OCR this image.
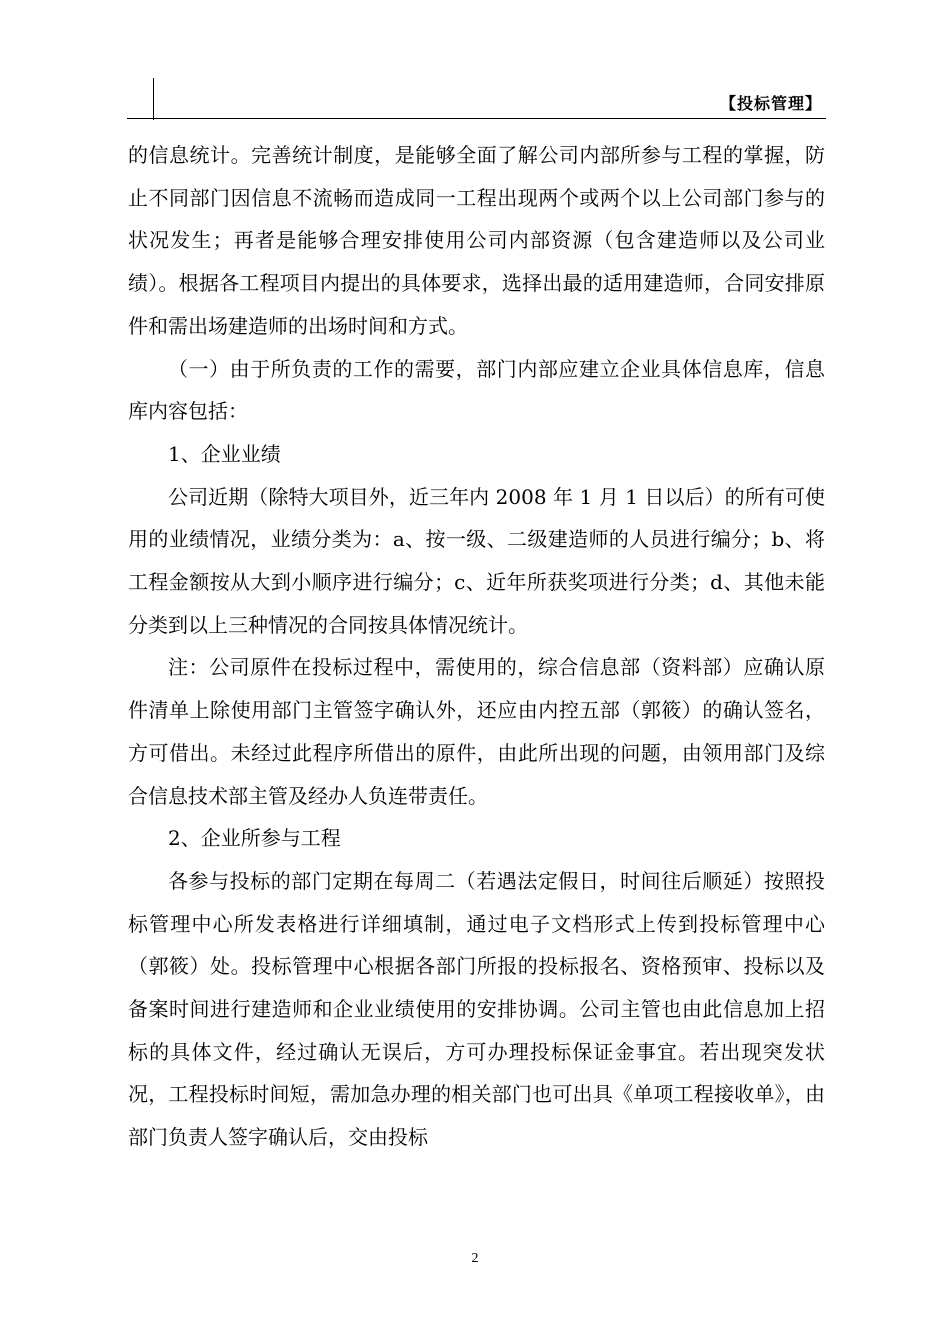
【投标管理】

的信息统计。完善统计制度，是能够全面了解公司内部所参与工程的掌握，防止不同部门因信息不流畅而造成同一工程出现两个或两个以上公司部门参与的状况发生；再者是能够合理安排使用公司内部资源（包含建造师以及公司业绩）。根据各工程项目内提出的具体要求，选择出最的适用建造师，合同安排原件和需出场建造师的出场时间和方式。

（一）由于所负责的工作的需要，部门内部应建立企业具体信息库，信息库内容包括：

1、企业业绩

公司近期（除特大项目外，近三年内 2008 年 1 月 1 日以后）的所有可使用的业绩情况，业绩分类为：a、按一级、二级建造师的人员进行编分；b、将工程金额按从大到小顺序进行编分；c、近年所获奖项进行分类；d、其他未能分类到以上三种情况的合同按具体情况统计。

注：公司原件在投标过程中，需使用的，综合信息部（资料部）应确认原件清单上除使用部门主管签字确认外，还应由内控五部（郭筱）的确认签名，方可借出。未经过此程序所借出的原件，由此所出现的问题，由领用部门及综合信息技术部主管及经办人负连带责任。

2、企业所参与工程

各参与投标的部门定期在每周二（若遇法定假日，时间往后顺延）按照投标管理中心所发表格进行详细填制，通过电子文档形式上传到投标管理中心（郭筱）处。投标管理中心根据各部门所报的投标报名、资格预审、投标以及备案时间进行建造师和企业业绩使用的安排协调。公司主管也由此信息加上招标的具体文件，经过确认无误后，方可办理投标保证金事宜。若出现突发状况，工程投标时间短，需加急办理的相关部门也可出具《单项工程接收单》，由部门负责人签字确认后，交由投标

2
